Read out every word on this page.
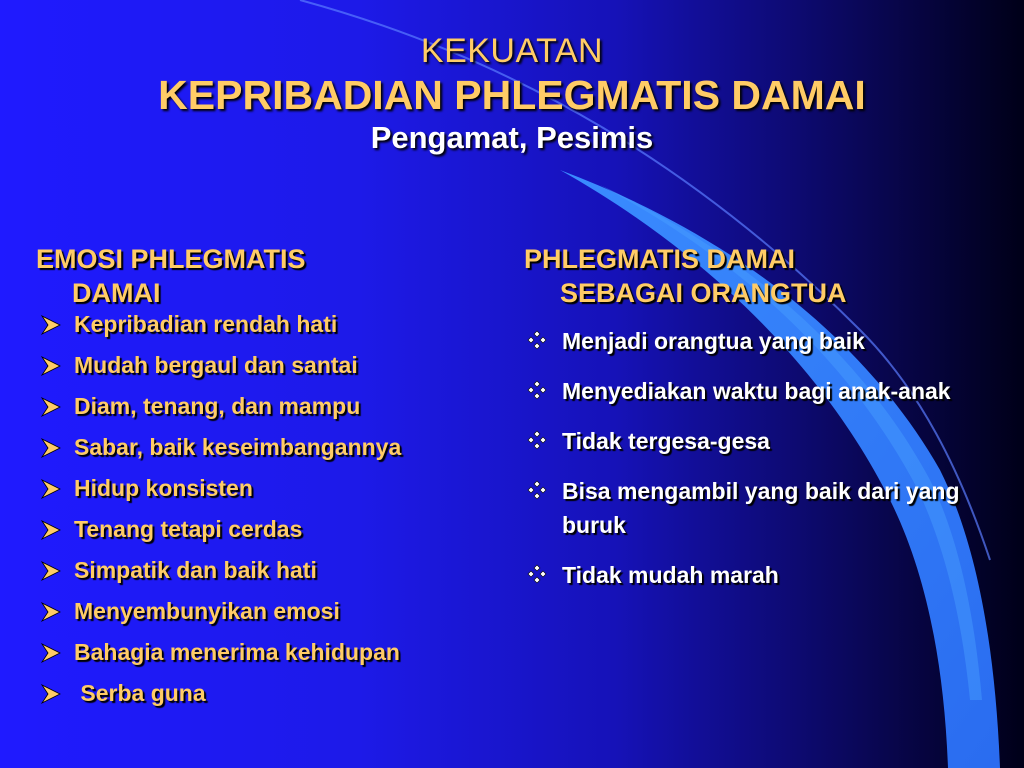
KEKUATAN
KEPRIBADIAN PHLEGMATIS DAMAI
Pengamat, Pesimis
EMOSI PHLEGMATIS
DAMAI
Kepribadian rendah hati
Mudah bergaul dan santai
Diam, tenang, dan mampu
Sabar, baik keseimbangannya
Hidup konsisten
Tenang tetapi cerdas
Simpatik dan baik hati
Menyembunyikan emosi
Bahagia menerima kehidupan
Serba guna
PHLEGMATIS DAMAI
SEBAGAI ORANGTUA
Menjadi orangtua yang baik
Menyediakan waktu bagi anak-anak
Tidak tergesa-gesa
Bisa mengambil yang baik dari yang buruk
Tidak mudah marah
